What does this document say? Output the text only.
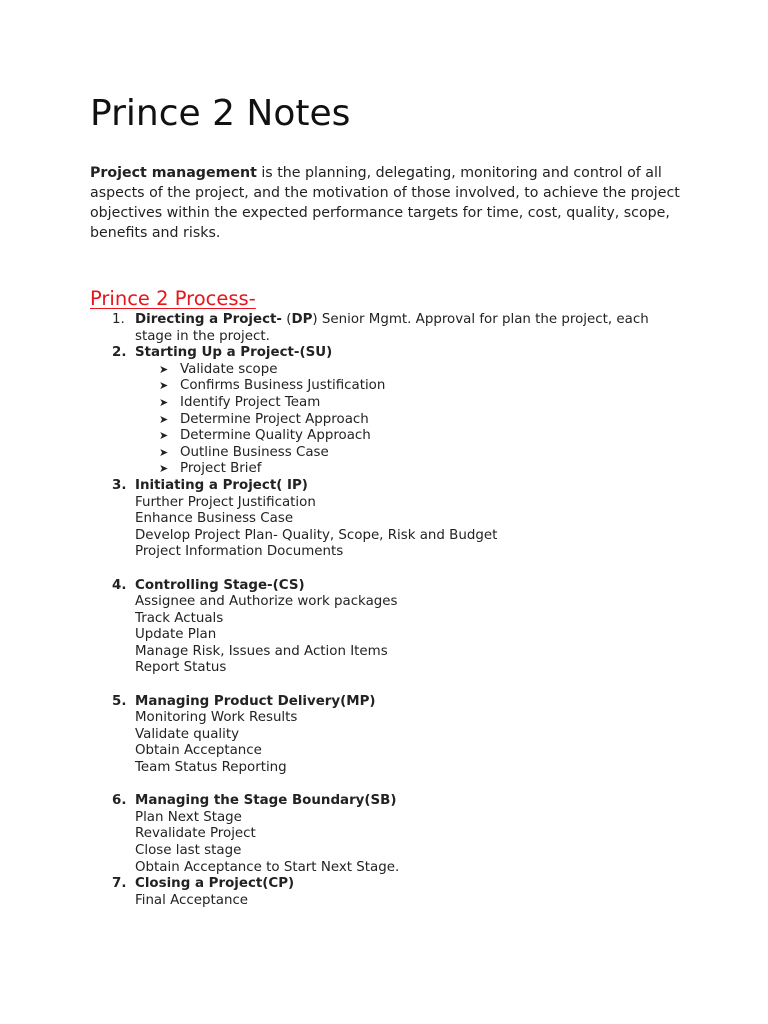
Prince 2 Notes

Project management is the planning, delegating, monitoring and control of all aspects of the project, and the motivation of those involved, to achieve the project objectives within the expected performance targets for time, cost, quality, scope, benefits and risks.

Prince 2 Process-
1. Directing a Project- (DP) Senior Mgmt. Approval for plan the project, each stage in the project.
2. Starting Up a Project-(SU)
➤ Validate scope
➤ Confirms Business Justification
➤ Identify Project Team
➤ Determine Project Approach
➤ Determine Quality Approach
➤ Outline Business Case
➤ Project Brief
3. Initiating a Project( IP)
Further Project Justification
Enhance Business Case
Develop Project Plan- Quality, Scope, Risk and Budget
Project Information Documents
4. Controlling Stage-(CS)
Assignee and Authorize work packages
Track Actuals
Update Plan
Manage Risk, Issues and Action Items
Report Status
5. Managing Product Delivery(MP)
Monitoring Work Results
Validate quality
Obtain Acceptance
Team Status Reporting
6. Managing the Stage Boundary(SB)
Plan Next Stage
Revalidate Project
Close last stage
Obtain Acceptance to Start Next Stage.
7. Closing a Project(CP)
Final Acceptance
